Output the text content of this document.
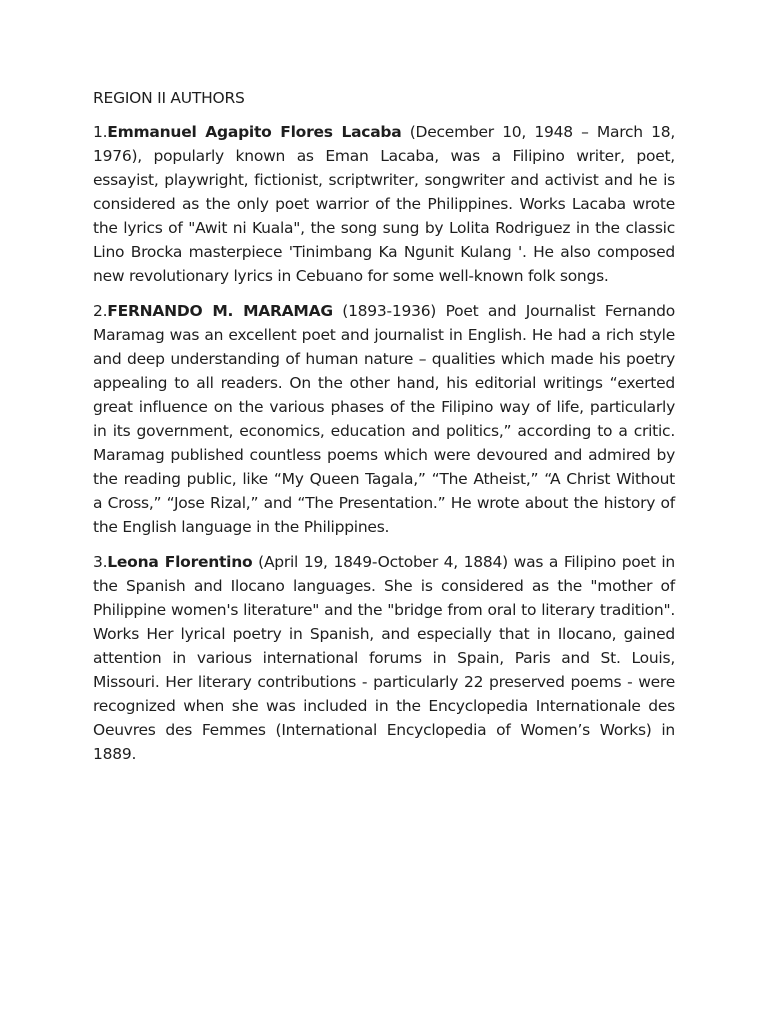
REGION II AUTHORS

1.Emmanuel Agapito Flores Lacaba (December 10, 1948 – March 18, 1976), popularly known as Eman Lacaba, was a Filipino writer, poet, essayist, playwright, fictionist, scriptwriter, songwriter and activist and he is considered as the only poet warrior of the Philippines. Works Lacaba wrote the lyrics of "Awit ni Kuala", the song sung by Lolita Rodriguez in the classic Lino Brocka masterpiece 'Tinimbang Ka Ngunit Kulang '. He also composed new revolutionary lyrics in Cebuano for some well-known folk songs.

2.FERNANDO M. MARAMAG (1893-1936) Poet and Journalist Fernando Maramag was an excellent poet and journalist in English. He had a rich style and deep understanding of human nature – qualities which made his poetry appealing to all readers. On the other hand, his editorial writings “exerted great influence on the various phases of the Filipino way of life, particularly in its government, economics, education and politics,” according to a critic. Maramag published countless poems which were devoured and admired by the reading public, like “My Queen Tagala,” “The Atheist,” “A Christ Without a Cross,” “Jose Rizal,” and “The Presentation.” He wrote about the history of the English language in the Philippines.

3.Leona Florentino (April 19, 1849-October 4, 1884) was a Filipino poet in the Spanish and Ilocano languages. She is considered as the "mother of Philippine women's literature" and the "bridge from oral to literary tradition". Works Her lyrical poetry in Spanish, and especially that in Ilocano, gained attention in various international forums in Spain, Paris and St. Louis, Missouri. Her literary contributions - particularly 22 preserved poems - were recognized when she was included in the Encyclopedia Internationale des Oeuvres des Femmes (International Encyclopedia of Women’s Works) in 1889.
